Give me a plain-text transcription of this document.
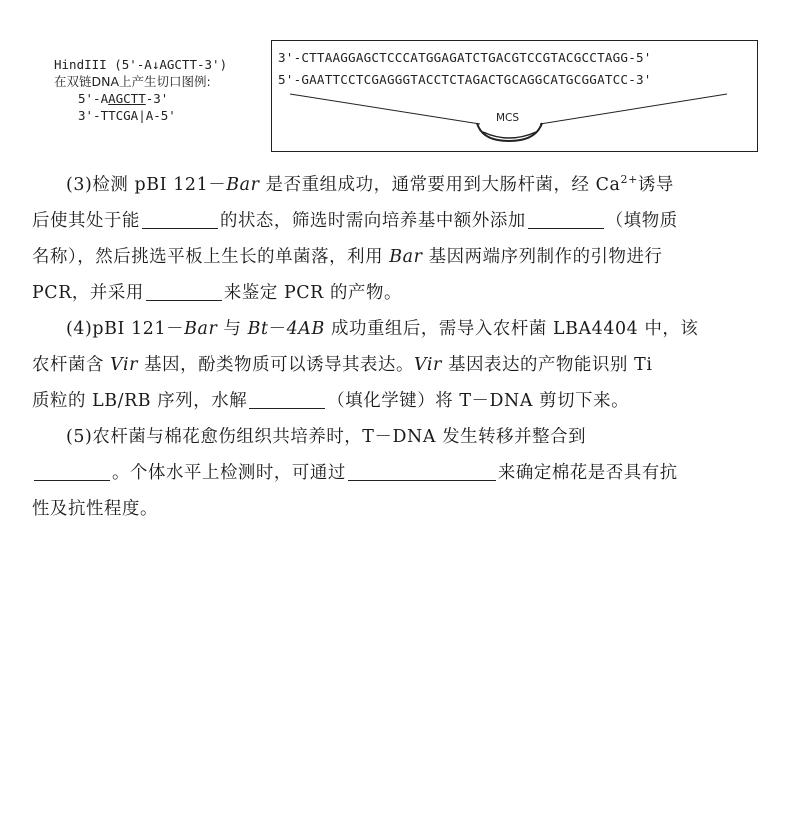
HindIII (5'-A↓AGCTT-3')
在双链DNA上产生切口图例:
5'-AAGCTT-3'
3'-TTCGA|A-5'
3'-CTTAAGGAGCTCCCATGGAGATCTGACGTCCGTACGCCTAGG-5'
5'-GAATTCCTCGAGGGTACCTCTAGACTGCAGGCATGCGGATCC-3'
MCS
(3)检测 pBI 121－Bar 是否重组成功，通常要用到大肠杆菌，经 $Ca^{2+}$诱导
后使其处于能	的状态，筛选时需向培养基中额外添加	（填物质
名称），然后挑选平板上生长的单菌落，利用 Bar 基因两端序列制作的引物进行
PCR，并采用	来鉴定 PCR 的产物。
(4)pBI 121－Bar 与 Bt－4AB 成功重组后，需导入农杆菌 LBA4404 中，该
农杆菌含 Vir 基因，酚类物质可以诱导其表达。Vir 基因表达的产物能识别 Ti
质粒的 LB/RB 序列，水解	（填化学键）将 T－DNA 剪切下来。
(5)农杆菌与棉花愈伤组织共培养时，T－DNA 发生转移并整合到
。个体水平上检测时，可通过	来确定棉花是否具有抗
性及抗性程度。
